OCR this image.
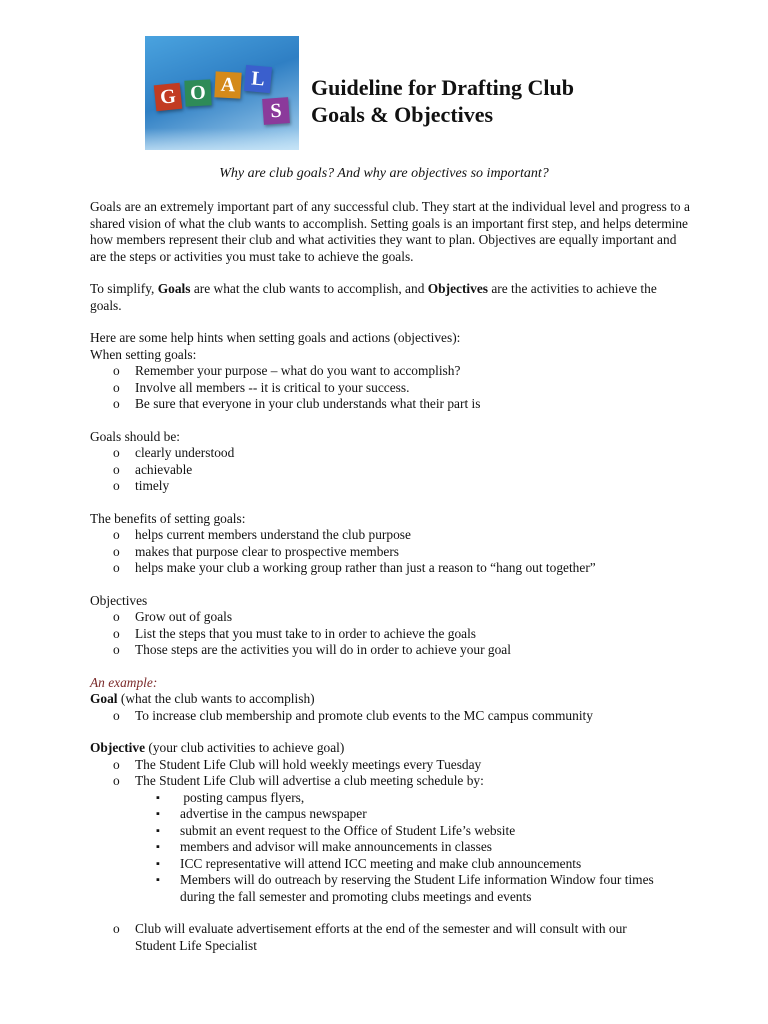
G O A L
S
Guideline for Drafting Club
Goals & Objectives
Why are club goals? And why are objectives so important?

Goals are an extremely important part of any successful club. They start at the individual level and progress to a shared vision of what the club wants to accomplish. Setting goals is an important first step, and helps determine how members represent their club and what activities they want to plan. Objectives are equally important and are the steps or activities you must take to achieve the goals.

To simplify, Goals are what the club wants to accomplish, and Objectives are the activities to achieve the goals.

Here are some help hints when setting goals and actions (objectives):

When setting goals:

o Remember your purpose – what do you want to accomplish?
o Involve all members -- it is critical to your success.
o Be sure that everyone in your club understands what their part is

Goals should be:

o clearly understood
o achievable
o timely

The benefits of setting goals:

o helps current members understand the club purpose
o makes that purpose clear to prospective members
o helps make your club a working group rather than just a reason to “hang out together”

Objectives

o Grow out of goals
o List the steps that you must take to in order to achieve the goals
o Those steps are the activities you will do in order to achieve your goal

An example:

Goal (what the club wants to accomplish)

o To increase club membership and promote club events to the MC campus community

Objective (your club activities to achieve goal)

o The Student Life Club will hold weekly meetings every Tuesday
o The Student Life Club will advertise a club meeting schedule by:
▪ posting campus flyers,
▪ advertise in the campus newspaper
▪ submit an event request to the Office of Student Life’s website
▪ members and advisor will make announcements in classes
▪ ICC representative will attend ICC meeting and make club announcements
▪ Members will do outreach by reserving the Student Life information Window four times during the fall semester and promoting clubs meetings and events
o Club will evaluate advertisement efforts at the end of the semester and will consult with our Student Life Specialist
